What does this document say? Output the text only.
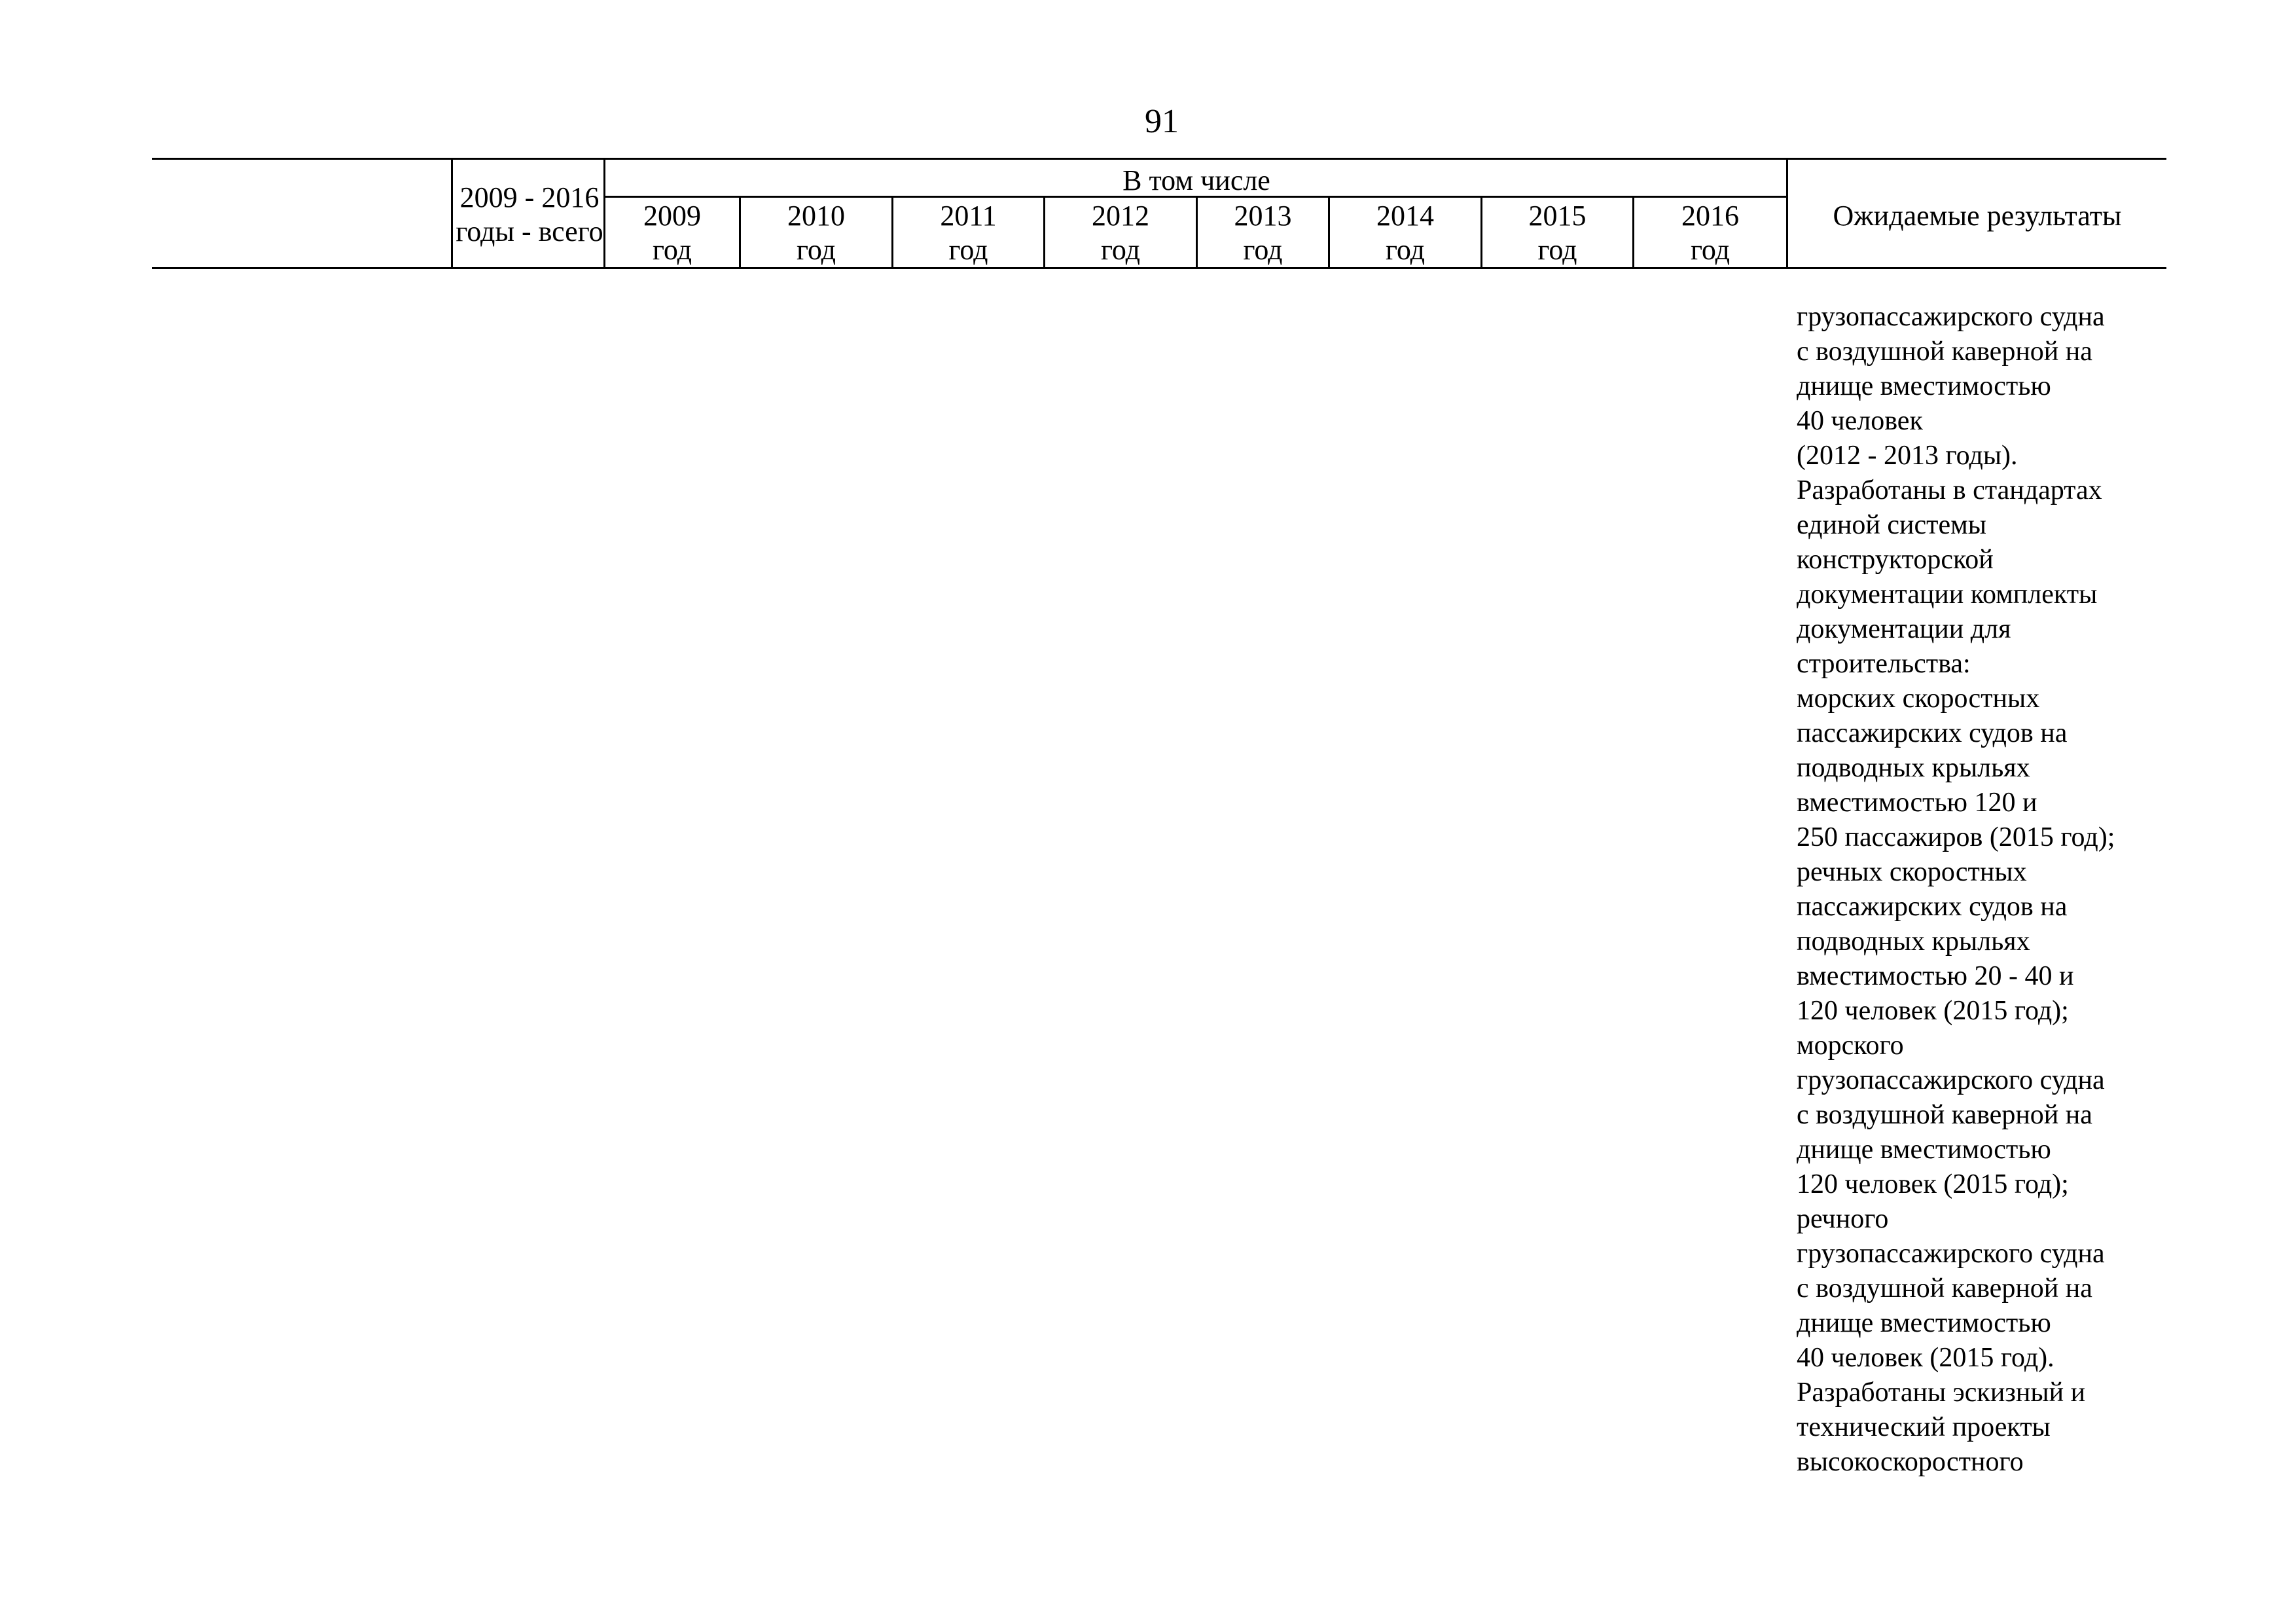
91
2009 - 2016
годы - всего
В том числе
2009
год
2010
год
2011
год
2012
год
2013
год
2014
год
2015
год
2016
год
Ожидаемые результаты
грузопассажирского судна
с воздушной каверной на
днище вместимостью
40 человек
(2012 - 2013 годы).
Разработаны в стандартах
единой системы
конструкторской
документации комплекты
документации для
строительства:
морских скоростных
пассажирских судов на
подводных крыльях
вместимостью 120 и
250 пассажиров (2015 год);
речных скоростных
пассажирских судов на
подводных крыльях
вместимостью 20 - 40 и
120 человек (2015 год);
морского
грузопассажирского судна
с воздушной каверной на
днище вместимостью
120 человек (2015 год);
речного
грузопассажирского судна
с воздушной каверной на
днище вместимостью
40 человек (2015 год).
Разработаны эскизный и
технический проекты
высокоскоростного
